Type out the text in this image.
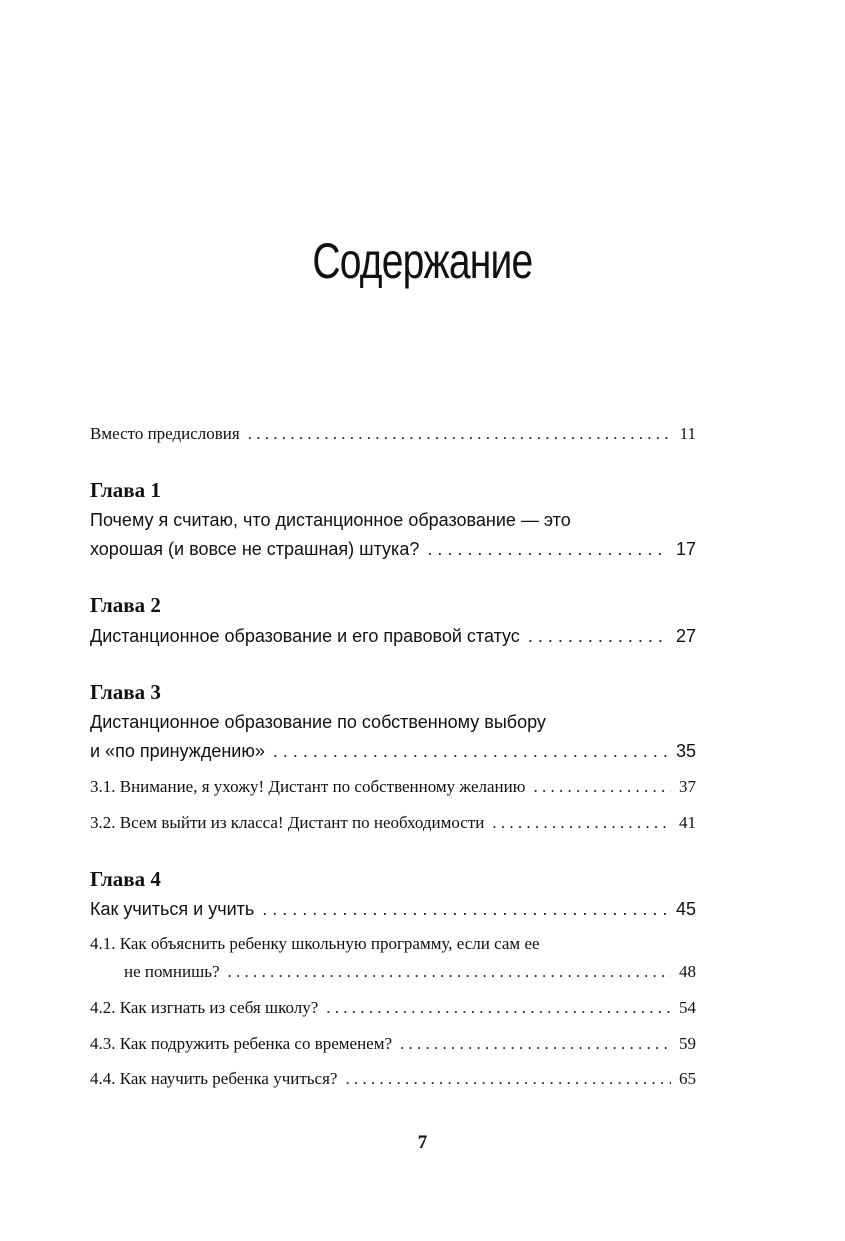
Содержание
Вместо предисловия . . .	11
Глава 1
Почему я считаю, что дистанционное образование — это
хорошая (и вовсе не страшная) штука? . . .	17
Глава 2
Дистанционное образование и его правовой статус . . .	27
Глава 3
Дистанционное образование по собственному выбору
и «по принуждению» . . .	35
3.1. Внимание, я ухожу! Дистант по собственному желанию . . .	37
3.2. Всем выйти из класса! Дистант по необходимости . . .	41
Глава 4
Как учиться и учить . . .	45
4.1. Как объяснить ребенку школьную программу, если сам ее
не помнишь? . . .	48
4.2. Как изгнать из себя школу? . . .	54
4.3. Как подружить ребенка со временем? . . .	59
4.4. Как научить ребенка учиться? . . .	65
7
